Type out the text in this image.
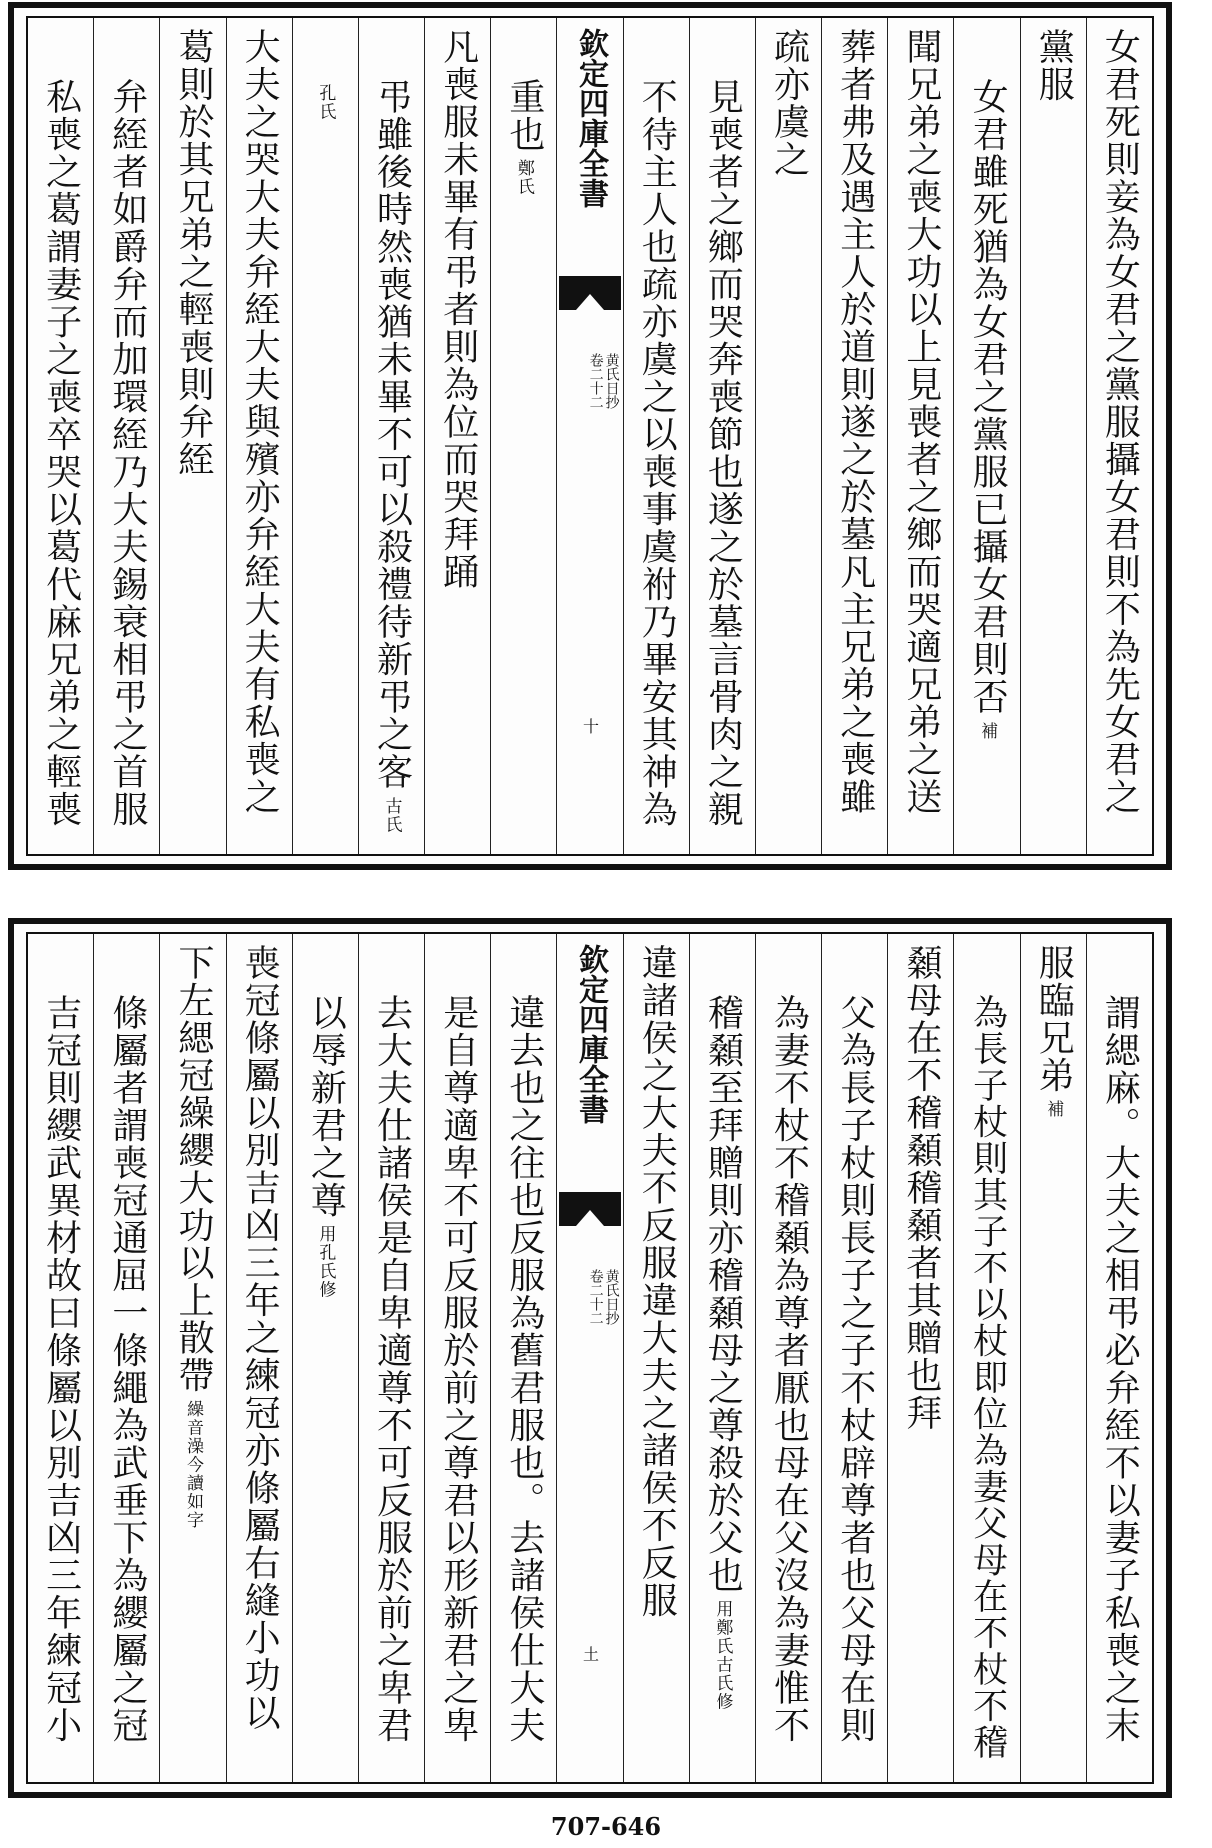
女君死則妾為女君之黨服攝女君則不為先女君之
黨服
女君雖死猶為女君之黨服已攝女君則否補
聞兄弟之喪大功以上見喪者之鄉而哭適兄弟之送
葬者弗及遇主人於道則遂之於墓凡主兄弟之喪雖
疏亦虞之
見喪者之鄉而哭奔喪節也遂之於墓言骨肉之親
不待主人也疏亦虞之以喪事虞祔乃畢安其神為
欽定四庫全書
黄氏日抄
卷二十二
十
重也鄭氏
凡喪服未畢有弔者則為位而哭拜踊
弔雖後時然喪猶未畢不可以殺禮待新弔之客古氏
孔氏
大夫之哭大夫弁絰大夫與殯亦弁絰大夫有私喪之
葛則於其兄弟之輕喪則弁絰
弁絰者如爵弁而加環絰乃大夫錫衰相弔之首服
私喪之葛謂妻子之喪卒哭以葛代麻兄弟之輕喪
謂緦麻。大夫之相弔必弁絰不以妻子私喪之末
服臨兄弟補
為長子杖則其子不以杖即位為妻父母在不杖不稽
顙母在不稽顙稽顙者其贈也拜
父為長子杖則長子之子不杖辟尊者也父母在則
為妻不杖不稽顙為尊者厭也母在父沒為妻惟不
稽顙至拜贈則亦稽顙母之尊殺於父也用鄭氏古氏修
違諸侯之大夫不反服違大夫之諸侯不反服
欽定四庫全書
黄氏日抄
卷二十二
土
違去也之往也反服為舊君服也。去諸侯仕大夫
是自尊適卑不可反服於前之尊君以形新君之卑
去大夫仕諸侯是自卑適尊不可反服於前之卑君
以辱新君之尊用孔氏修
喪冠條屬以別吉凶三年之練冠亦條屬右縫小功以
下左緦冠繰纓大功以上散帶繰音澡今讀如字
條屬者謂喪冠通屈一條繩為武垂下為纓屬之冠
吉冠則纓武異材故曰條屬以別吉凶三年練冠小
707-646
